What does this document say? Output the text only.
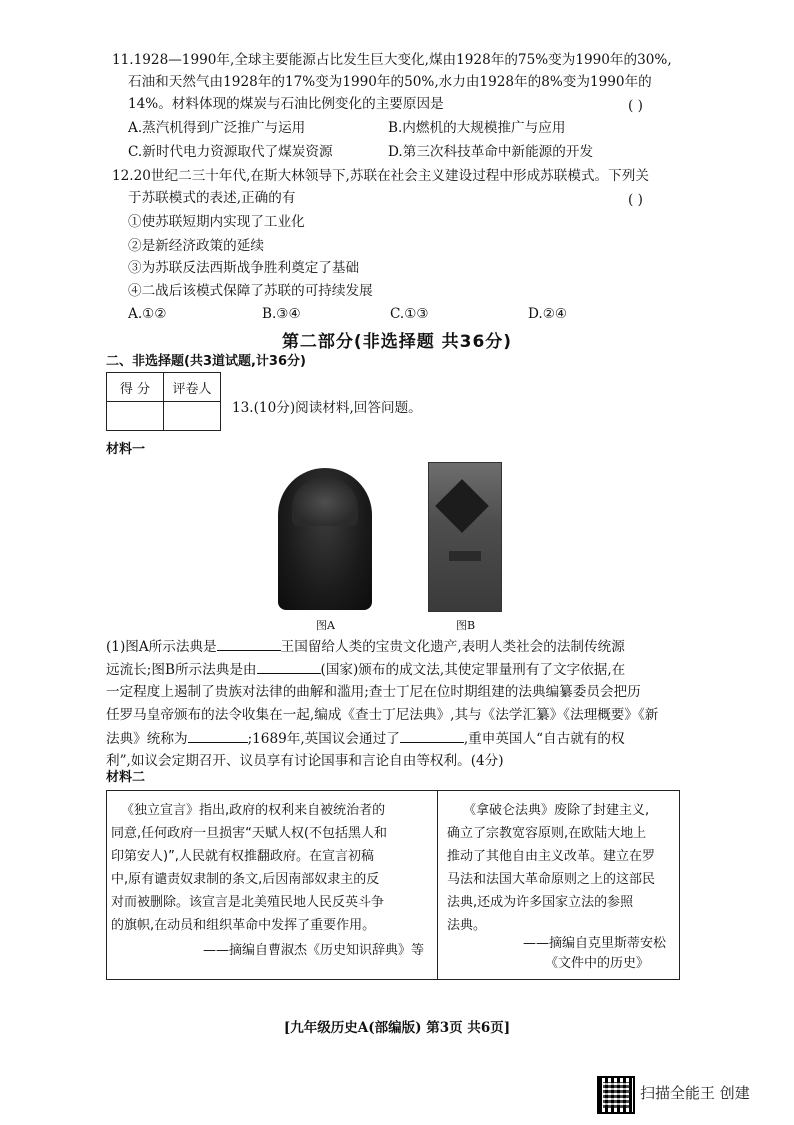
11.1928—1990年,全球主要能源占比发生巨大变化,煤由1928年的75%变为1990年的30%,
石油和天然气由1928年的17%变为1990年的50%,水力由1928年的8%变为1990年的
14%。材料体现的煤炭与石油比例变化的主要原因是	( )
A.蒸汽机得到广泛推广与运用	B.内燃机的大规模推广与应用
C.新时代电力资源取代了煤炭资源	D.第三次科技革命中新能源的开发
12.20世纪二三十年代,在斯大林领导下,苏联在社会主义建设过程中形成苏联模式。下列关
于苏联模式的表述,正确的有	( )
①使苏联短期内实现了工业化
②是新经济政策的延续
③为苏联反法西斯战争胜利奠定了基础
④二战后该模式保障了苏联的可持续发展
A.①②	B.③④	C.①③	D.②④
第二部分(非选择题 共36分)
二、非选择题(共3道试题,计36分)
得 分	评卷人

13.(10分)阅读材料,回答问题。
材料一
图A	图B
(1)图A所示法典是	王国留给人类的宝贵文化遗产,表明人类社会的法制传统源
远流长;图B所示法典是由	(国家)颁布的成文法,其使定罪量刑有了文字依据,在
一定程度上遏制了贵族对法律的曲解和滥用;查士丁尼在位时期组建的法典编纂委员会把历
任罗马皇帝颁布的法令收集在一起,编成《查士丁尼法典》,其与《法学汇纂》《法理概要》《新
法典》统称为	;1689年,英国议会通过了	,重申英国人“自古就有的权
利”,如议会定期召开、议员享有讨论国事和言论自由等权利。(4分)
材料二
《独立宣言》指出,政府的权利来自被统治者的
同意,任何政府一旦损害“天赋人权(不包括黑人和
印第安人)”,人民就有权推翻政府。在宣言初稿
中,原有谴责奴隶制的条文,后因南部奴隶主的反
对而被删除。该宣言是北美殖民地人民反英斗争
的旗帜,在动员和组织革命中发挥了重要作用。
——摘编自曹淑杰《历史知识辞典》等
《拿破仑法典》废除了封建主义,
确立了宗教宽容原则,在欧陆大地上
推动了其他自由主义改革。建立在罗
马法和法国大革命原则之上的这部民
法典,还成为许多国家立法的参照
法典。
——摘编自克里斯蒂安松
《文件中的历史》
[九年级历史A(部编版) 第3页 共6页]
扫描全能王 创建
